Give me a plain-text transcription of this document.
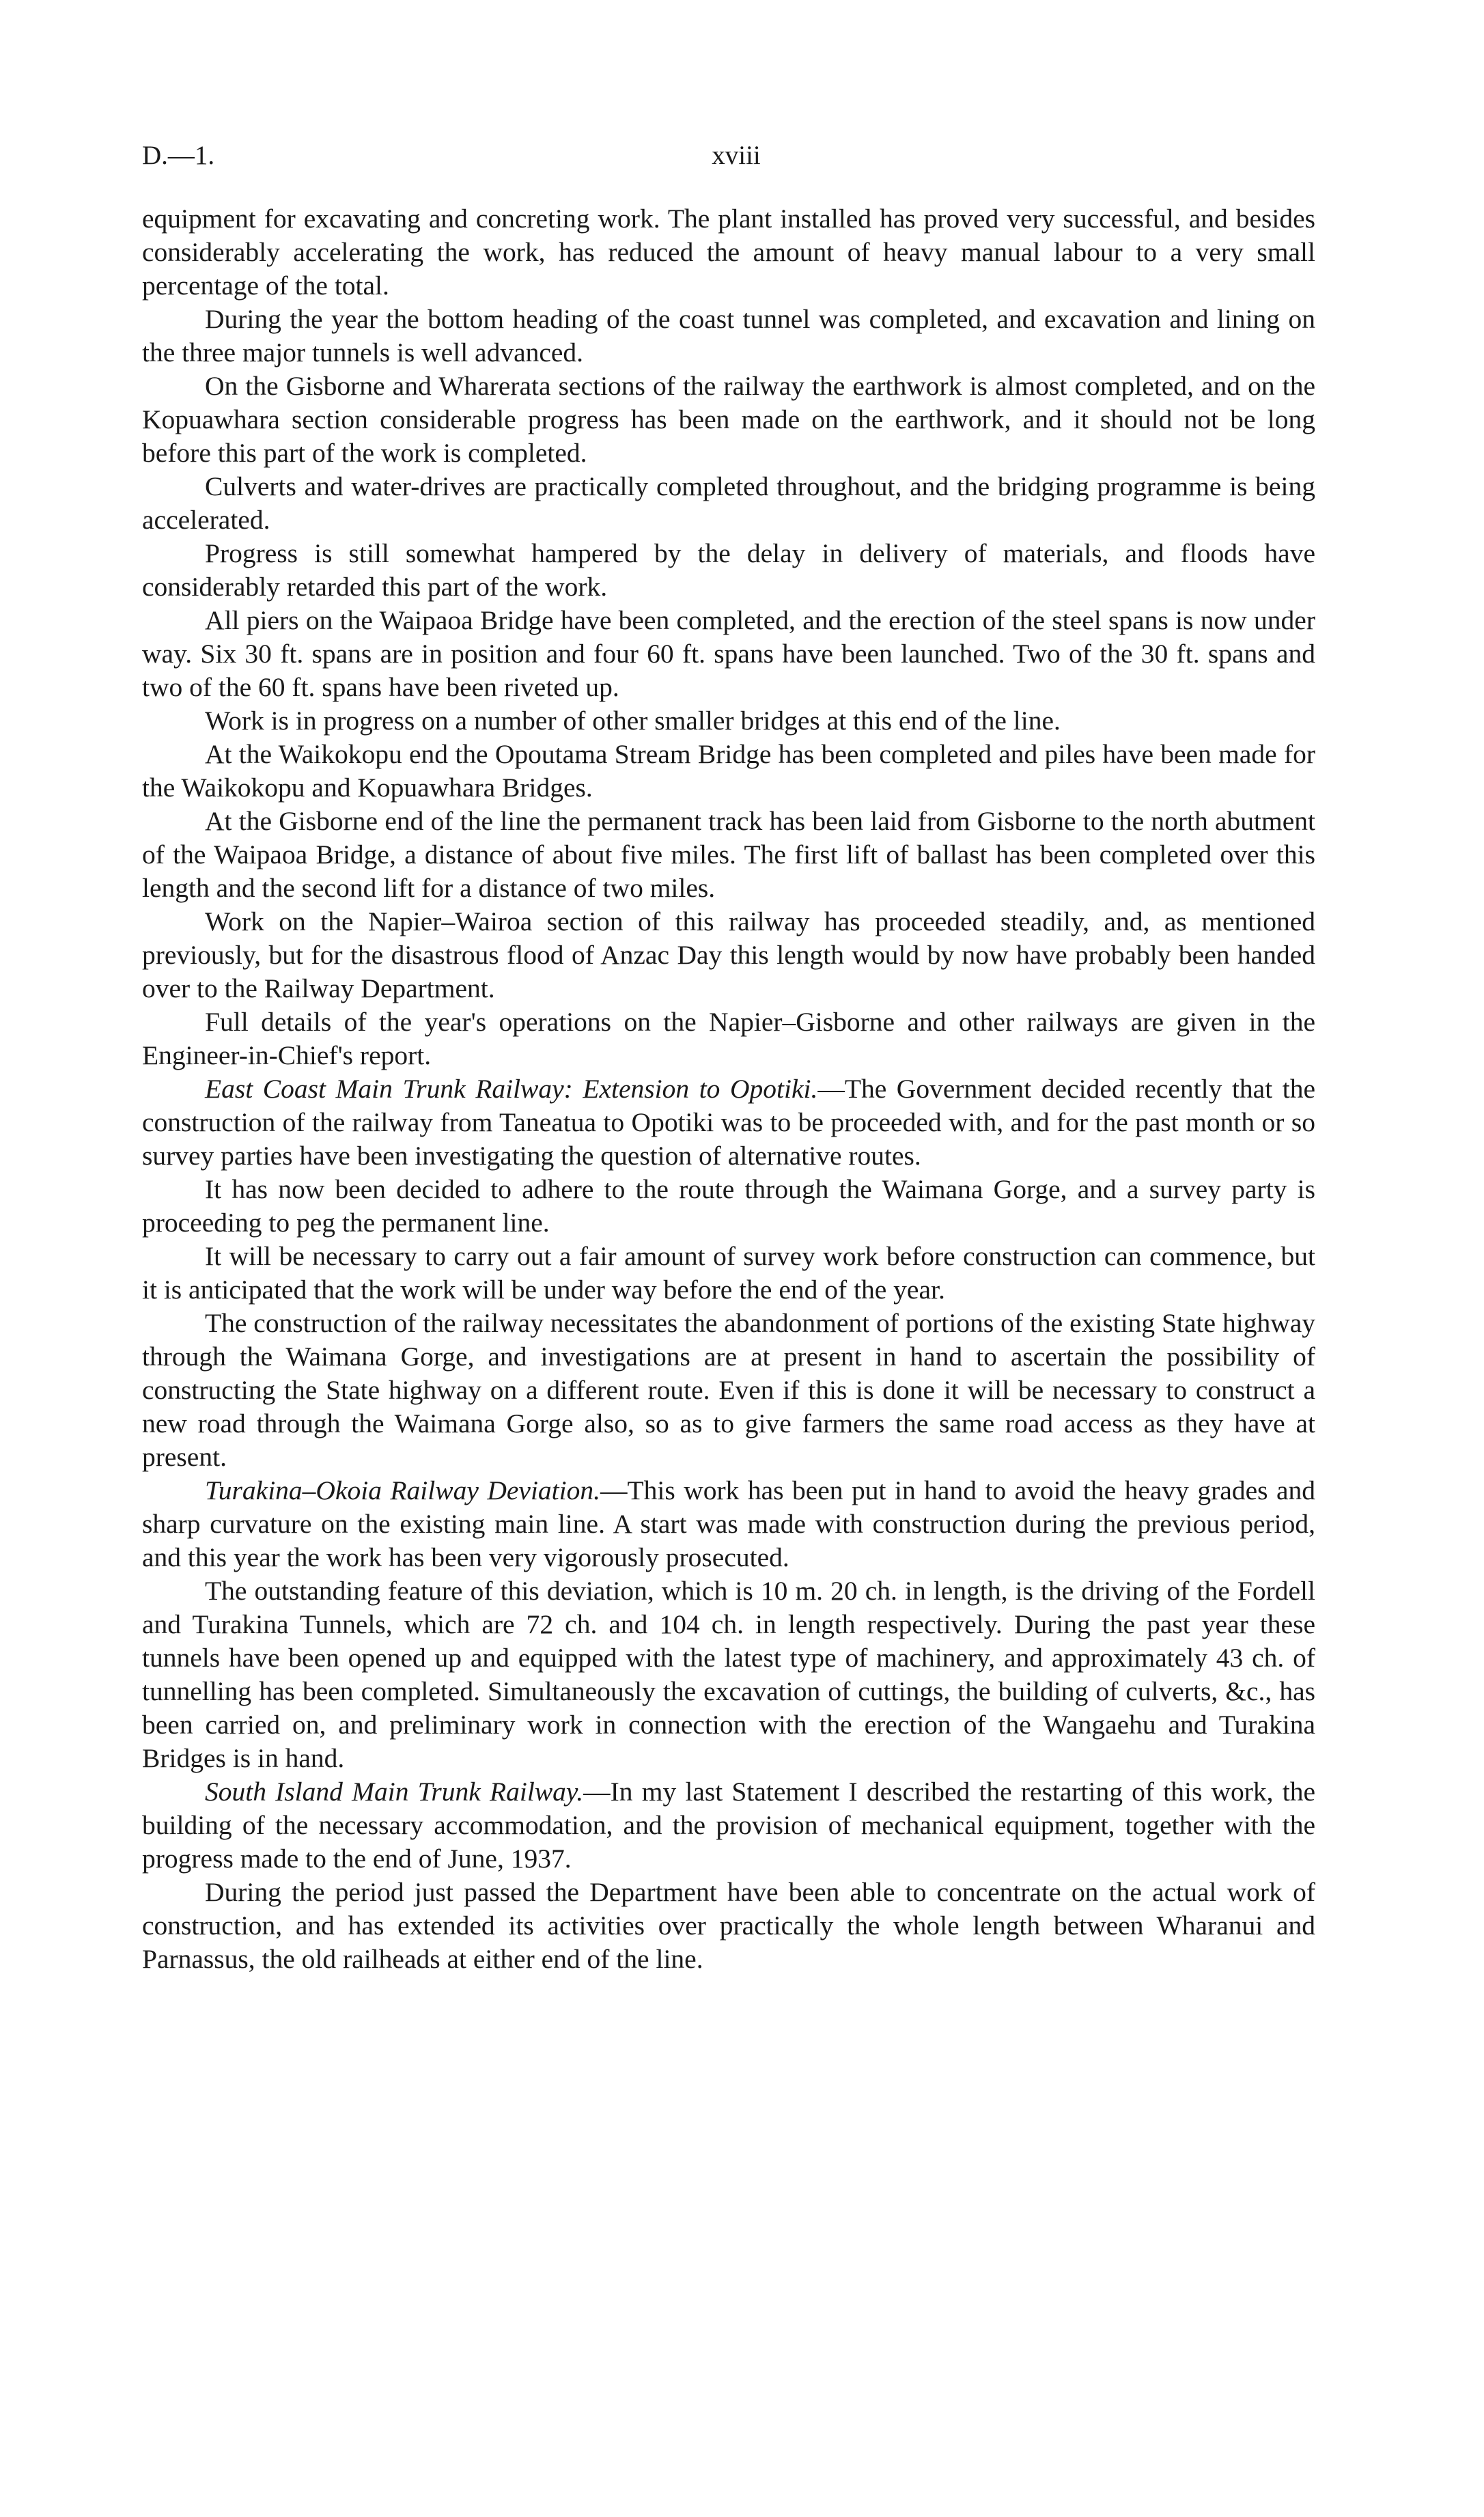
D.—1.	xviii

equipment for excavating and concreting work. The plant installed has proved very successful, and besides considerably accelerating the work, has reduced the amount of heavy manual labour to a very small percentage of the total.

During the year the bottom heading of the coast tunnel was completed, and excavation and lining on the three major tunnels is well advanced.

On the Gisborne and Wharerata sections of the railway the earthwork is almost completed, and on the Kopuawhara section considerable progress has been made on the earthwork, and it should not be long before this part of the work is completed.

Culverts and water-drives are practically completed throughout, and the bridging programme is being accelerated.

Progress is still somewhat hampered by the delay in delivery of materials, and floods have considerably retarded this part of the work.

All piers on the Waipaoa Bridge have been completed, and the erection of the steel spans is now under way. Six 30 ft. spans are in position and four 60 ft. spans have been launched. Two of the 30 ft. spans and two of the 60 ft. spans have been riveted up.

Work is in progress on a number of other smaller bridges at this end of the line.

At the Waikokopu end the Opoutama Stream Bridge has been completed and piles have been made for the Waikokopu and Kopuawhara Bridges.

At the Gisborne end of the line the permanent track has been laid from Gisborne to the north abutment of the Waipaoa Bridge, a distance of about five miles. The first lift of ballast has been completed over this length and the second lift for a distance of two miles.

Work on the Napier–Wairoa section of this railway has proceeded steadily, and, as mentioned previously, but for the disastrous flood of Anzac Day this length would by now have probably been handed over to the Railway Department.

Full details of the year's operations on the Napier–Gisborne and other railways are given in the Engineer-in-Chief's report.

East Coast Main Trunk Railway: Extension to Opotiki.—The Government decided recently that the construction of the railway from Taneatua to Opotiki was to be proceeded with, and for the past month or so survey parties have been investigating the question of alternative routes.

It has now been decided to adhere to the route through the Waimana Gorge, and a survey party is proceeding to peg the permanent line.

It will be necessary to carry out a fair amount of survey work before construction can commence, but it is anticipated that the work will be under way before the end of the year.

The construction of the railway necessitates the abandonment of portions of the existing State highway through the Waimana Gorge, and investigations are at present in hand to ascertain the possibility of constructing the State highway on a different route. Even if this is done it will be necessary to construct a new road through the Waimana Gorge also, so as to give farmers the same road access as they have at present.

Turakina–Okoia Railway Deviation.—This work has been put in hand to avoid the heavy grades and sharp curvature on the existing main line. A start was made with construction during the previous period, and this year the work has been very vigorously prosecuted.

The outstanding feature of this deviation, which is 10 m. 20 ch. in length, is the driving of the Fordell and Turakina Tunnels, which are 72 ch. and 104 ch. in length respectively. During the past year these tunnels have been opened up and equipped with the latest type of machinery, and approximately 43 ch. of tunnelling has been completed. Simultaneously the excavation of cuttings, the building of culverts, &c., has been carried on, and preliminary work in connection with the erection of the Wangaehu and Turakina Bridges is in hand.

South Island Main Trunk Railway.—In my last Statement I described the restarting of this work, the building of the necessary accommodation, and the provision of mechanical equipment, together with the progress made to the end of June, 1937.

During the period just passed the Department have been able to concentrate on the actual work of construction, and has extended its activities over practically the whole length between Wharanui and Parnassus, the old railheads at either end of the line.
